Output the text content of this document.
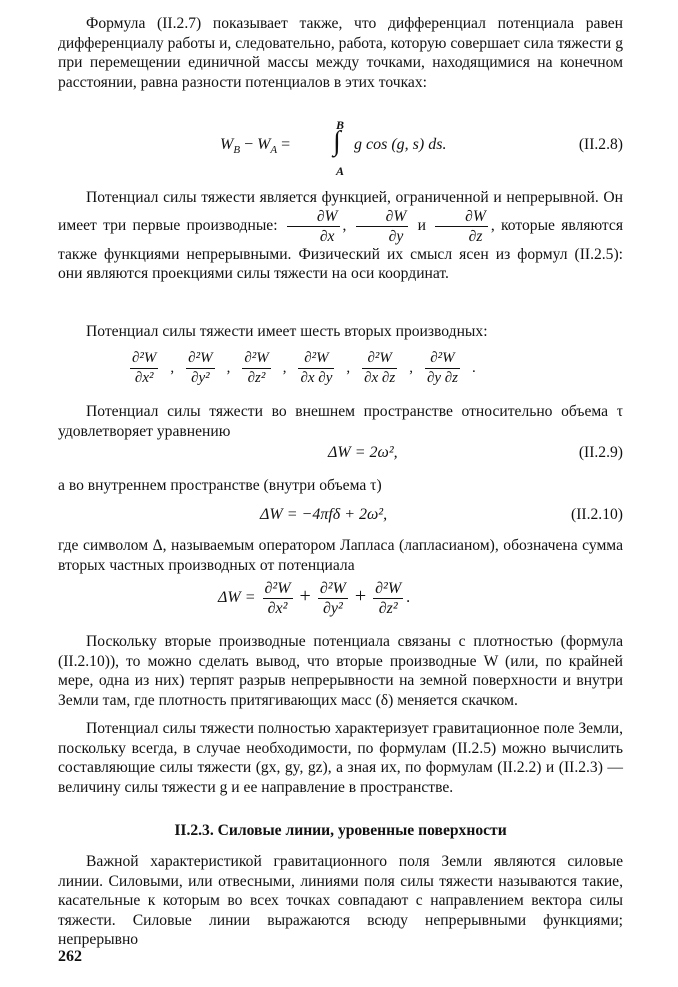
Формула (II.2.7) показывает также, что дифференциал потенциала равен дифференциалу работы и, следовательно, работа, которую совершает сила тяжести g при перемещении единичной массы между точками, находящимися на конечном расстоянии, равна разности потенциалов в этих точках:
$W_B - W_A$ =
B
∫
A
g cos (g, s) ds.	(II.2.8)
Потенциал силы тяжести является функцией, ограниченной и непрерывной. Он имеет три первые производные: $\frac{\partial W}{\partial x}$ , $\frac{\partial W}{\partial y}$ и $\frac{\partial W}{\partial z}$ , которые являются также функциями непрерывными. Физический их смысл ясен из формул (II.2.5): они являются проекциями силы тяжести на оси координат.
Потенциал силы тяжести имеет шесть вторых производных:
$\frac{\text{∂²W}}{\text{∂x²}}$ , $\frac{\text{∂²W}}{\text{∂y²}}$ , $\frac{\text{∂²W}}{\text{∂z²}}$ , $\frac{\text{∂²W}}{\partial x \partial y}$ , $\frac{\text{∂²W}}{\partial x \partial z}$ , $\frac{\text{∂²W}}{\partial y \partial z}$ .
Потенциал силы тяжести во внешнем пространстве относительно объема τ удовлетворяет уравнению
ΔW = 2ω²,	(II.2.9)
а во внутреннем пространстве (внутри объема τ)
ΔW = −4πfδ + 2ω²,	(II.2.10)
где символом Δ, называемым оператором Лапласа (лапласианом), обозначена сумма вторых частных производных от потенциала
$\Delta W = \frac{\text{∂²W}}{\text{∂x²}} + \frac{\text{∂²W}}{\text{∂y²}} + \frac{\text{∂²W}}{\text{∂z²}}$ .
Поскольку вторые производные потенциала связаны с плотностью (формула (II.2.10)), то можно сделать вывод, что вторые производные W (или, по крайней мере, одна из них) терпят разрыв непрерывности на земной поверхности и внутри Земли там, где плотность притягивающих масс (δ) меняется скачком.
Потенциал силы тяжести полностью характеризует гравитационное поле Земли, поскольку всегда, в случае необходимости, по формулам (II.2.5) можно вычислить составляющие силы тяжести (gx, gy, gz), а зная их, по формулам (II.2.2) и (II.2.3) — величину силы тяжести g и ее направление в пространстве.
II.2.3. Силовые линии, уровенные поверхности
Важной характеристикой гравитационного поля Земли являются силовые линии. Силовыми, или отвесными, линиями поля силы тяжести называются такие, касательные к которым во всех точках совпадают с направлением вектора силы тяжести. Силовые линии выражаются всюду непрерывными функциями; непрерывно
262
